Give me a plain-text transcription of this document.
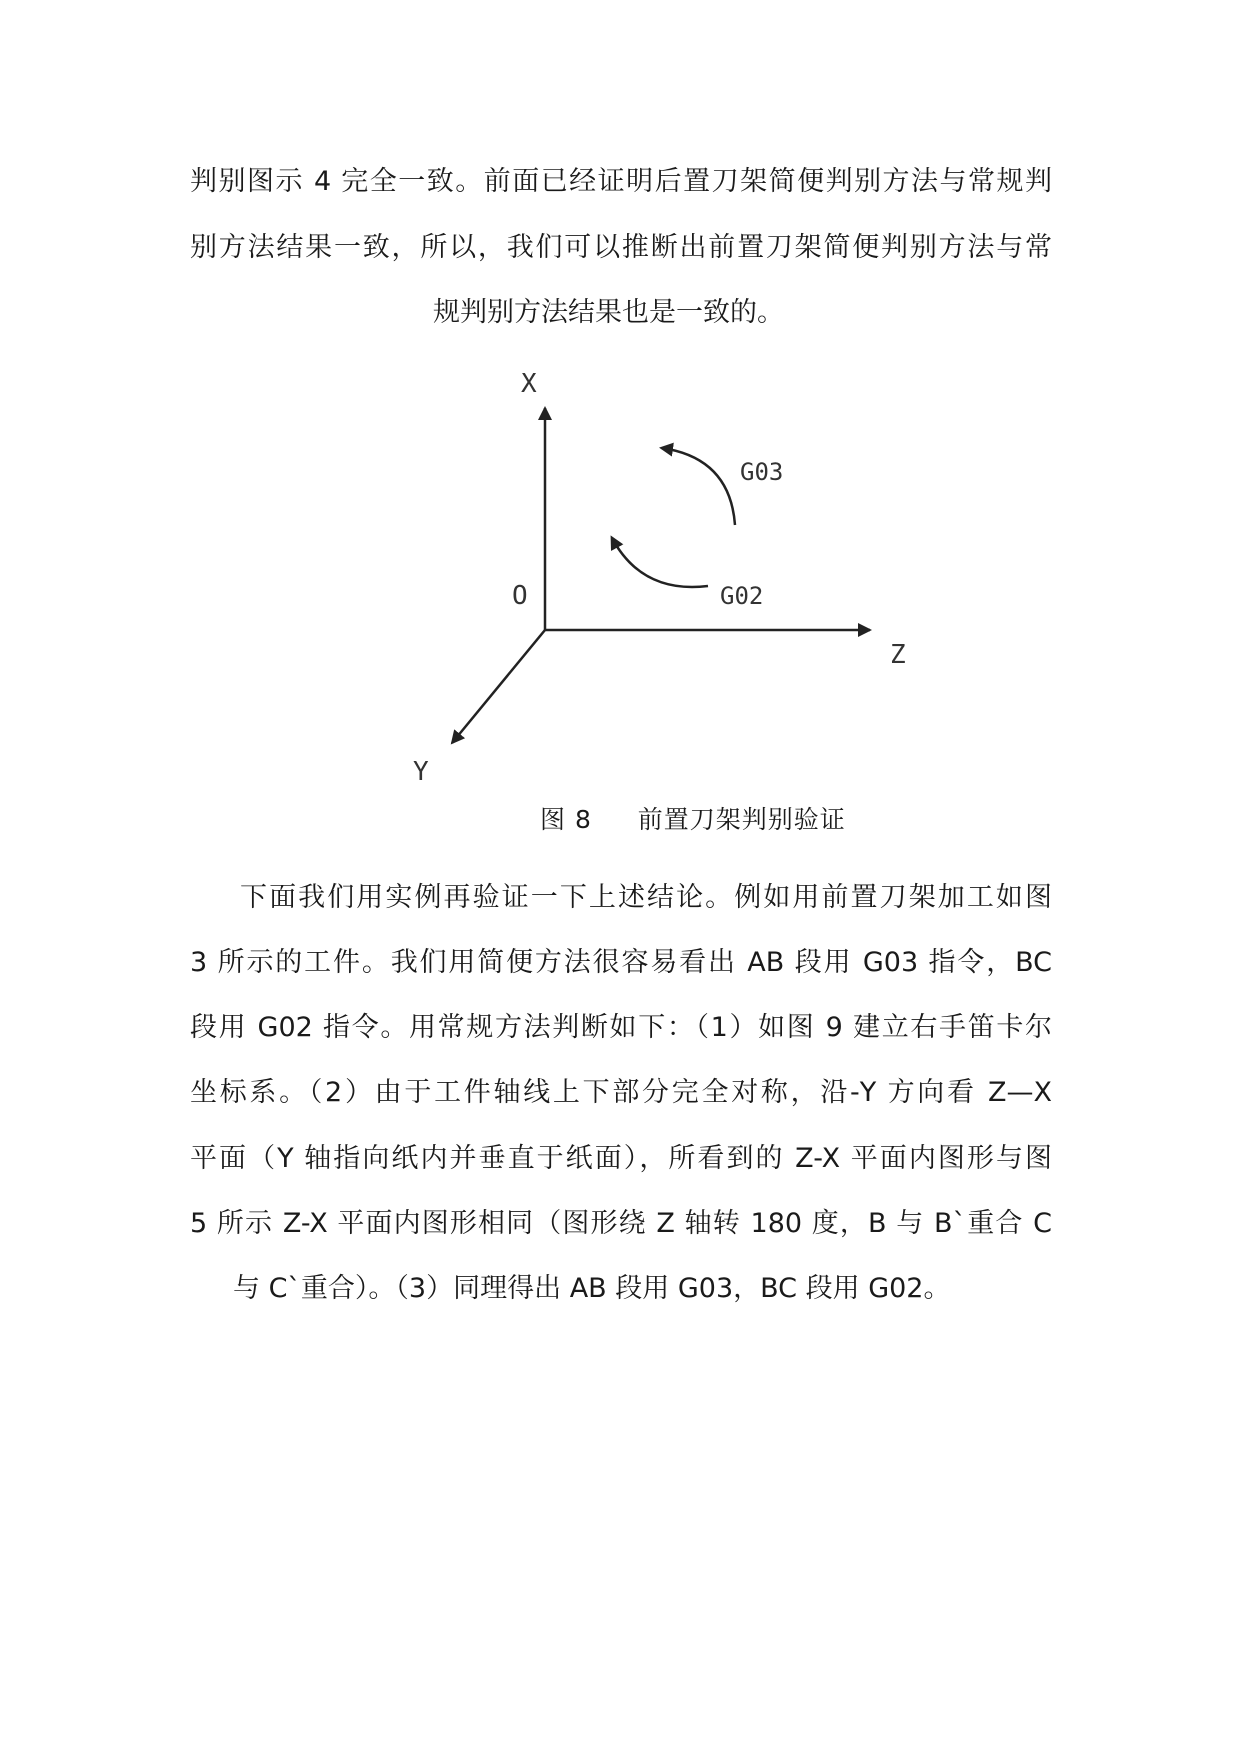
判别图示 4 完全一致。前面已经证明后置刀架简便判别方法与常规判
别方法结果一致，所以，我们可以推断出前置刀架简便判别方法与常
规判别方法结果也是一致的。
X
Z
Y
O
G03
G02
图 8 前置刀架判别验证
下面我们用实例再验证一下上述结论。例如用前置刀架加工如图
3 所示的工件。我们用简便方法很容易看出 AB 段用 G03 指令，BC
段用 G02 指令。用常规方法判断如下：（1）如图 9 建立右手笛卡尔
坐标系。（2）由于工件轴线上下部分完全对称，沿-Y 方向看 Z—X
平面（Y 轴指向纸内并垂直于纸面），所看到的 Z-X 平面内图形与图
5 所示 Z-X 平面内图形相同（图形绕 Z 轴转 180 度，B 与 B`重合 C
与 C`重合）。（3）同理得出 AB 段用 G03，BC 段用 G02。
